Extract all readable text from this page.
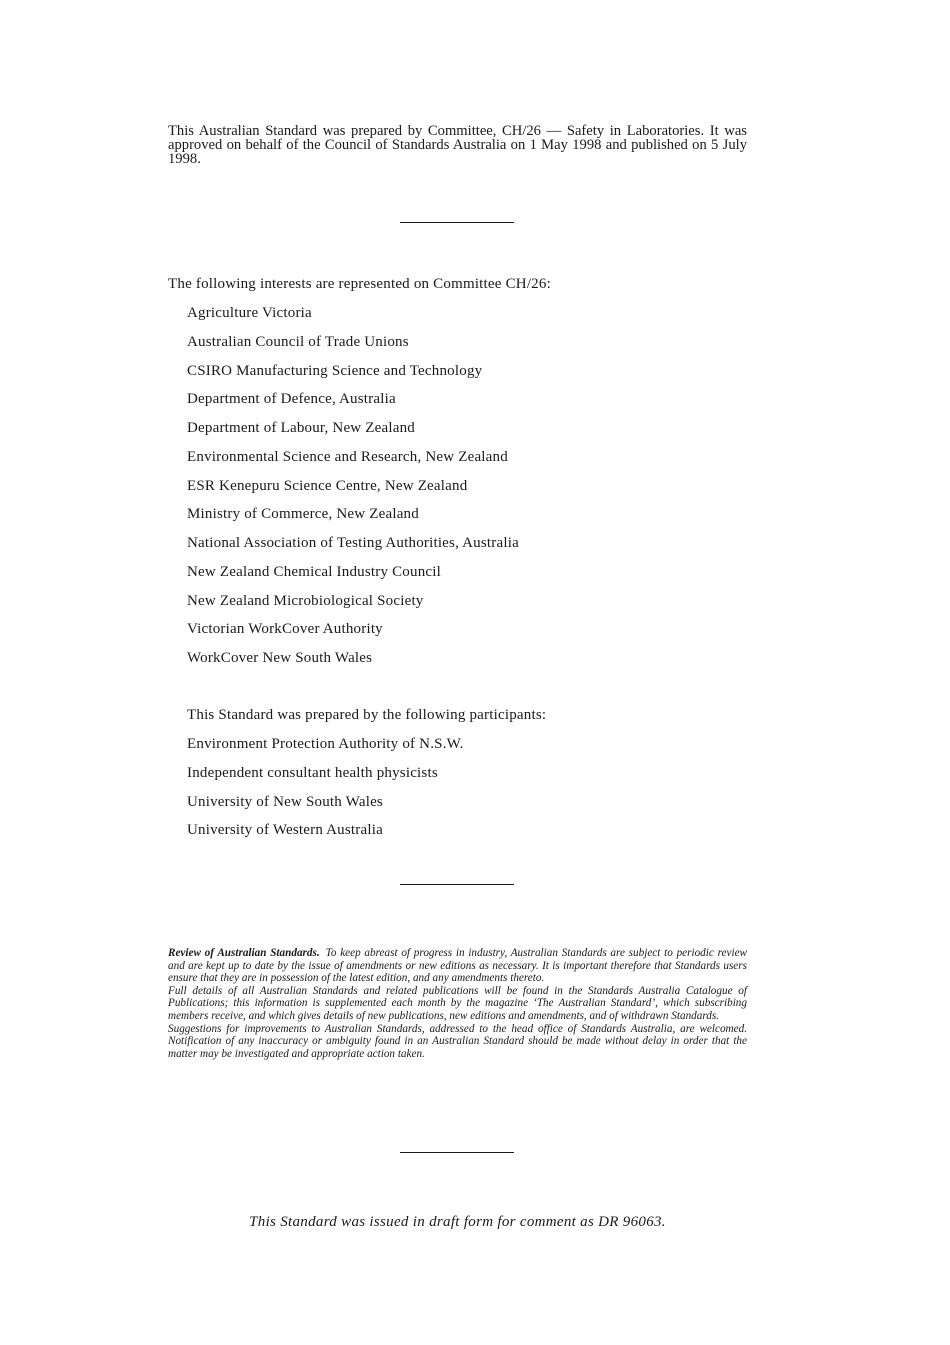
This Australian Standard was prepared by Committee, CH/26 — Safety in Laboratories. It was approved on behalf of the Council of Standards Australia on 1 May 1998 and published on 5 July 1998.

The following interests are represented on Committee CH/26:
Agriculture Victoria
Australian Council of Trade Unions
CSIRO Manufacturing Science and Technology
Department of Defence, Australia
Department of Labour, New Zealand
Environmental Science and Research, New Zealand
ESR Kenepuru Science Centre, New Zealand
Ministry of Commerce, New Zealand
National Association of Testing Authorities, Australia
New Zealand Chemical Industry Council
New Zealand Microbiological Society
Victorian WorkCover Authority
WorkCover New South Wales
This Standard was prepared by the following participants:
Environment Protection Authority of N.S.W.
Independent consultant health physicists
University of New South Wales
University of Western Australia

Review of Australian Standards. To keep abreast of progress in industry, Australian Standards are subject to periodic review and are kept up to date by the issue of amendments or new editions as necessary. It is important therefore that Standards users ensure that they are in possession of the latest edition, and any amendments thereto.

Full details of all Australian Standards and related publications will be found in the Standards Australia Catalogue of Publications; this information is supplemented each month by the magazine ‘The Australian Standard’, which subscribing members receive, and which gives details of new publications, new editions and amendments, and of withdrawn Standards.

Suggestions for improvements to Australian Standards, addressed to the head office of Standards Australia, are welcomed. Notification of any inaccuracy or ambiguity found in an Australian Standard should be made without delay in order that the matter may be investigated and appropriate action taken.

This Standard was issued in draft form for comment as DR 96063.
